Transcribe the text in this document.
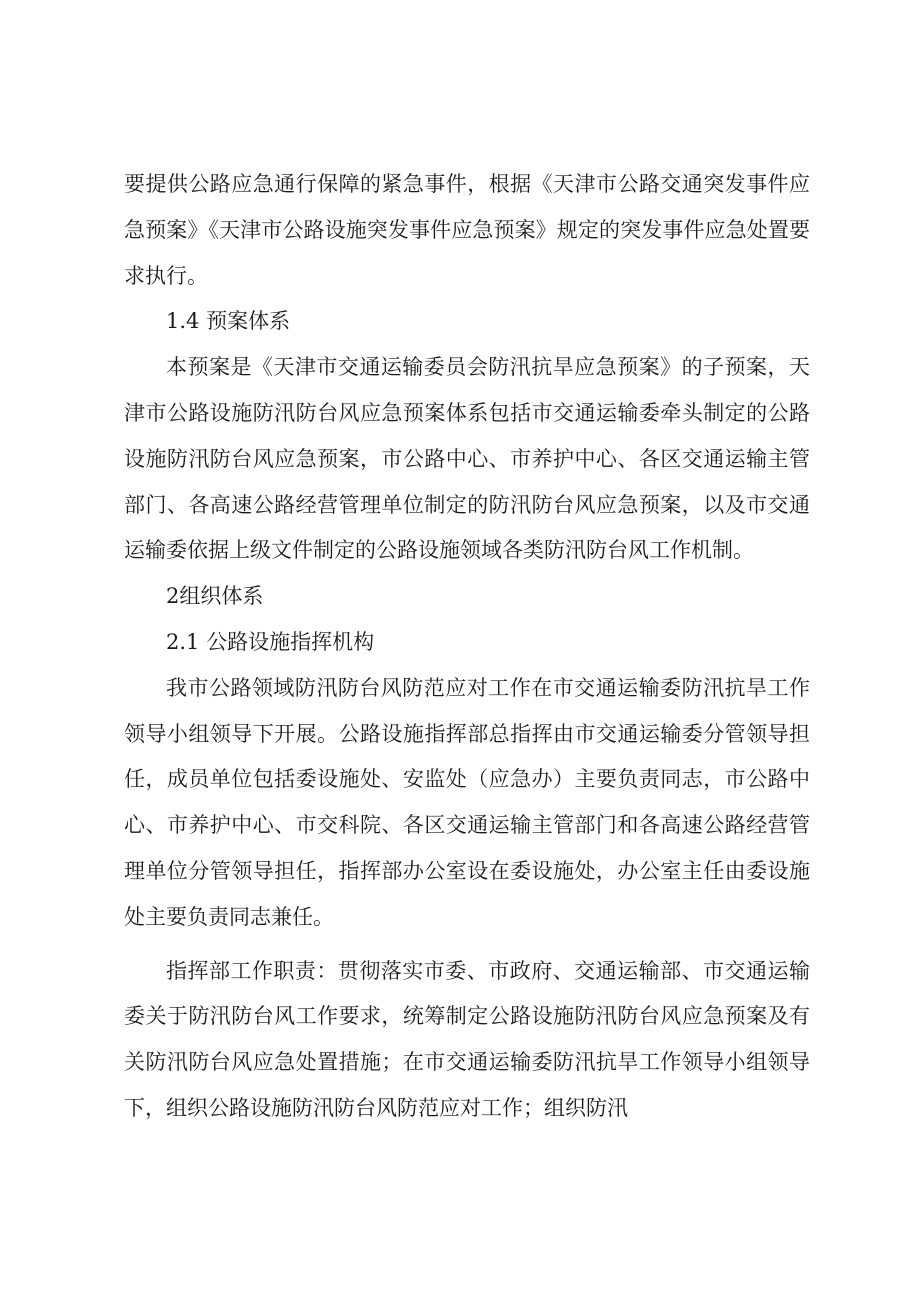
要提供公路应急通行保障的紧急事件，根据《天津市公路交通突发事件应急预案》《天津市公路设施突发事件应急预案》规定的突发事件应急处置要求执行。

1.4 预案体系

本预案是《天津市交通运输委员会防汛抗旱应急预案》的子预案，天津市公路设施防汛防台风应急预案体系包括市交通运输委牵头制定的公路设施防汛防台风应急预案，市公路中心、市养护中心、各区交通运输主管部门、各高速公路经营管理单位制定的防汛防台风应急预案，以及市交通运输委依据上级文件制定的公路设施领域各类防汛防台风工作机制。

2组织体系

2.1 公路设施指挥机构

我市公路领域防汛防台风防范应对工作在市交通运输委防汛抗旱工作领导小组领导下开展。公路设施指挥部总指挥由市交通运输委分管领导担任，成员单位包括委设施处、安监处（应急办）主要负责同志，市公路中心、市养护中心、市交科院、各区交通运输主管部门和各高速公路经营管理单位分管领导担任，指挥部办公室设在委设施处，办公室主任由委设施处主要负责同志兼任。

指挥部工作职责：贯彻落实市委、市政府、交通运输部、市交通运输委关于防汛防台风工作要求，统筹制定公路设施防汛防台风应急预案及有关防汛防台风应急处置措施；在市交通运输委防汛抗旱工作领导小组领导下，组织公路设施防汛防台风防范应对工作；组织防汛
